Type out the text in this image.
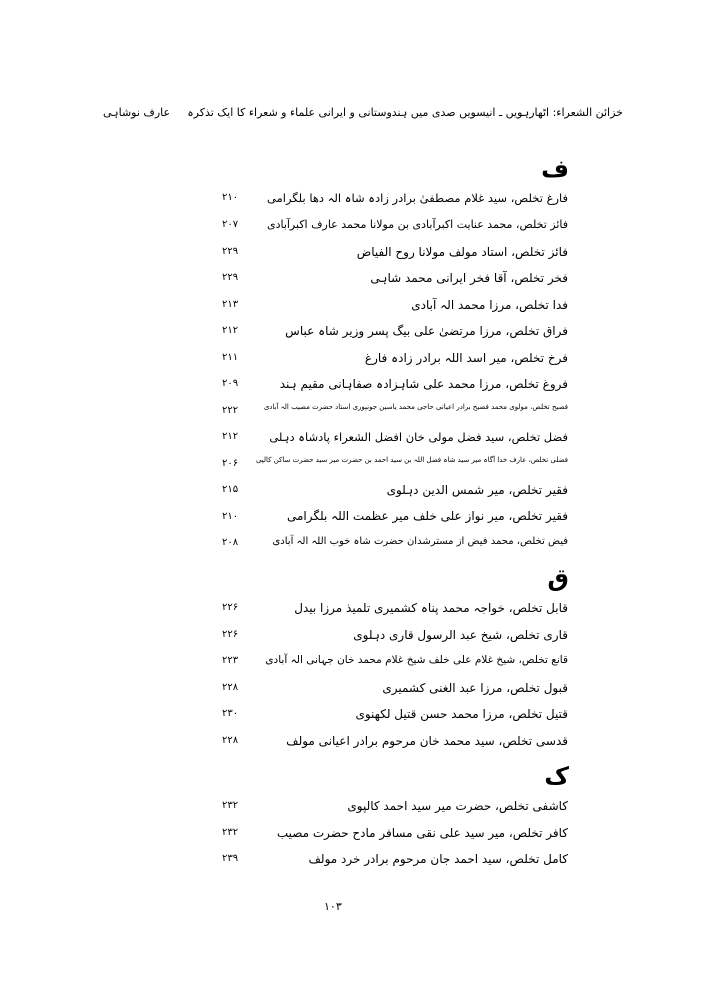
خزائن الشعراء: اٹھارہویں ـ انیسویں صدی میں ہندوستانی و ایرانی علماء و شعراء کا ایک تذکرہ
عارف نوشاہی
ف
فارغ تخلص، سید غلام مصطفیٰ برادر زادہ شاہ الہ دھا بلگرامی
۲۱۰
فائز تخلص، محمد عنایت اکبرآبادی بن مولانا محمد عارف اکبرآبادی
۲۰۷
فائز تخلص، استاد مولف مولانا روح الفیاض
۲۲۹
فخر تخلص، آقا فخر ایرانی محمد شاہی
۲۲۹
فدا تخلص، مرزا محمد الہ آبادی
۲۱۳
فراق تخلص، مرزا مرتضیٰ علی بیگ پسر وزیر شاہ عباس
۲۱۲
فرخ تخلص، میر اسد اللہ برادر زادہ فارغ
۲۱۱
فروغ تخلص، مرزا محمد علی شاہزادہ صفاہانی مقیم ہند
۲۰۹
فصیح تخلص، مولوی محمد فصیح برادر اعیانی حاجی محمد یاسین جونپوری استاد حضرت مصیب الہ آبادی
۲۲۲
فضل تخلص، سید فضل مولی خان افضل الشعراء پادشاہ دہلی
۲۱۲
فضلی تخلص، عارف خدا آگاہ میر سید شاہ فضل اللہ بن سید احمد بن حضرت میر سید حضرت ساکن کالپی
۲۰۶
فقیر تخلص، میر شمس الدین دہلوی
۲۱۵
فقیر تخلص، میر نواز علی خلف میر عظمت اللہ بلگرامی
۲۱۰
فیض تخلص، محمد فیض از مسترشدان حضرت شاہ خوب اللہ الہ آبادی
۲۰۸
ق
قابل تخلص، خواجہ محمد پناہ کشمیری تلمیذ مرزا بیدل
۲۲۶
قاری تخلص، شیخ عبد الرسول قاری دہلوی
۲۲۶
قانع تخلص، شیخ غلام علی خلف شیخ غلام محمد خان جہانی الہ آبادی
۲۲۳
قبول تخلص، مرزا عبد الغنی کشمیری
۲۲۸
قتیل تخلص، مرزا محمد حسن قتیل لکھنوی
۲۳۰
قدسی تخلص، سید محمد خان مرحوم برادر اعیانی مولف
۲۲۸
ک
کاشفی تخلص، حضرت میر سید احمد کالپوی
۲۳۲
کافر تخلص، میر سید علی نقی مسافر مادح حضرت مصیب
۲۳۲
کامل تخلص، سید احمد جان مرحوم برادر خرد مولف
۲۳۹
۱۰۳
